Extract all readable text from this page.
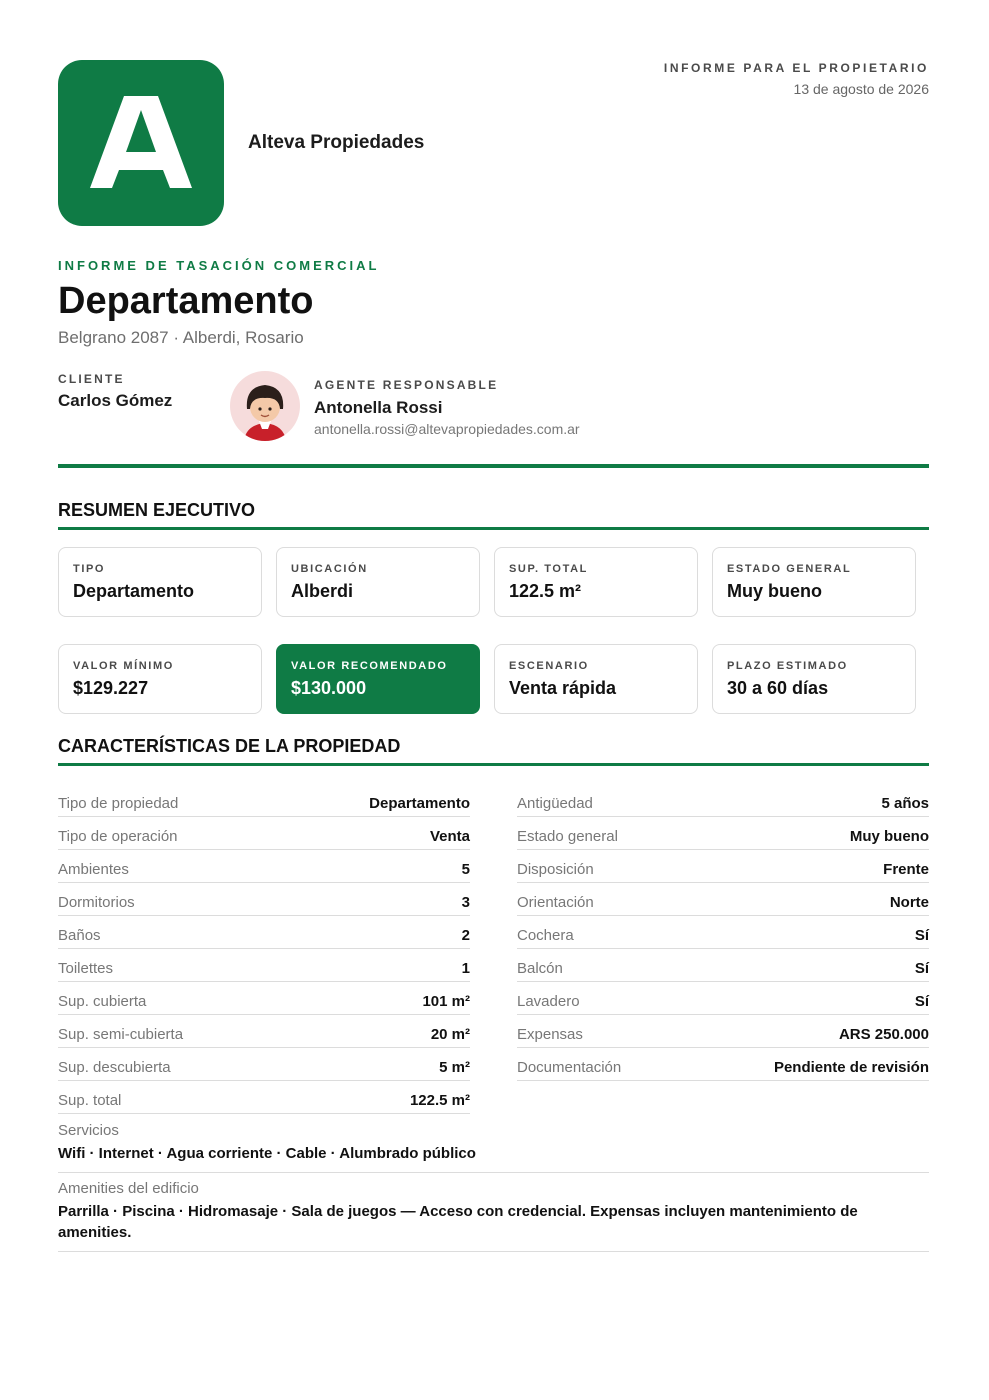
Alteva Propiedades
INFORME PARA EL PROPIETARIO
13 de agosto de 2026
INFORME DE TASACIÓN COMERCIAL
Departamento
Belgrano 2087 · Alberdi, Rosario
CLIENTE
Carlos Gómez
AGENTE RESPONSABLE
Antonella Rossi
antonella.rossi@altevapropiedades.com.ar
RESUMEN EJECUTIVO
TIPO
Departamento
UBICACIÓN
Alberdi
SUP. TOTAL
122.5 m²
ESTADO GENERAL
Muy bueno
VALOR MÍNIMO
$129.227
VALOR RECOMENDADO
$130.000
ESCENARIO
Venta rápida
PLAZO ESTIMADO
30 a 60 días
CARACTERÍSTICAS DE LA PROPIEDAD
Tipo de propiedad	Departamento
Tipo de operación	Venta
Ambientes	5
Dormitorios	3
Baños	2
Toilettes	1
Sup. cubierta	101 m²
Sup. semi-cubierta	20 m²
Sup. descubierta	5 m²
Sup. total	122.5 m²
Antigüedad	5 años
Estado general	Muy bueno
Disposición	Frente
Orientación	Norte
Cochera	Sí
Balcón	Sí
Lavadero	Sí
Expensas	ARS 250.000
Documentación	Pendiente de revisión
Servicios
Wifi · Internet · Agua corriente · Cable · Alumbrado público
Amenities del edificio
Parrilla · Piscina · Hidromasaje · Sala de juegos — Acceso con credencial. Expensas incluyen mantenimiento de amenities.
